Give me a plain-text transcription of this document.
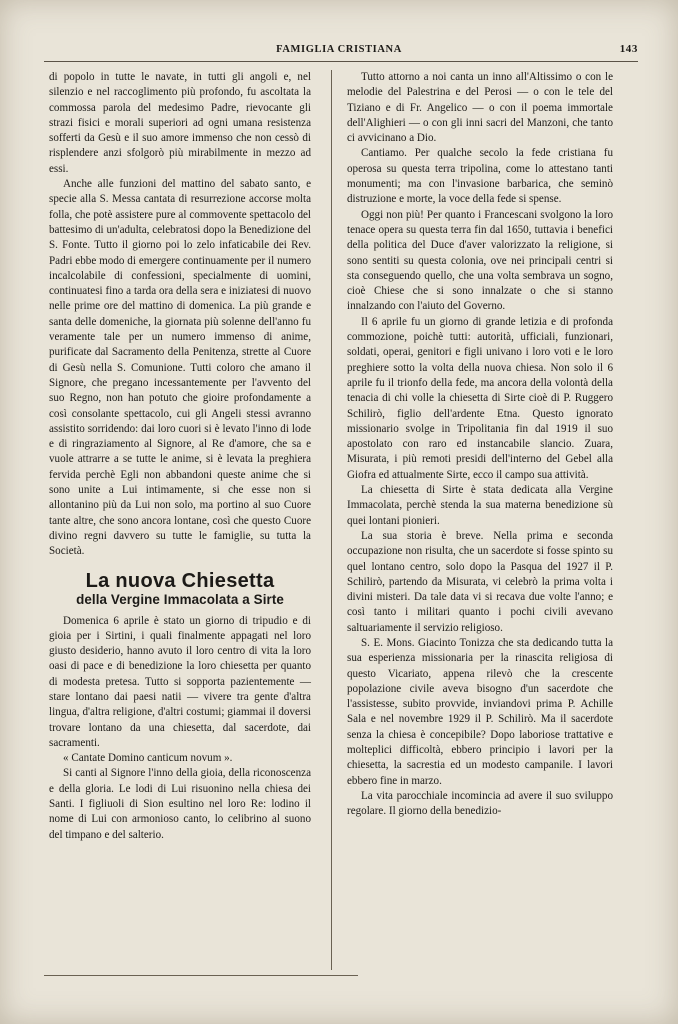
FAMIGLIA CRISTIANA	143

di popolo in tutte le navate, in tutti gli angoli e, nel silenzio e nel raccoglimento più profondo, fu ascoltata la commossa parola del medesimo Padre, rievocante gli strazi fisici e morali superiori ad ogni umana resistenza sofferti da Gesù e il suo amore immenso che non cessò di risplendere anzi sfolgorò più mirabilmente in mezzo ad essi.

Anche alle funzioni del mattino del sabato santo, e specie alla S. Messa cantata di resurrezione accorse molta folla, che potè assistere pure al commovente spettacolo del battesimo di un'adulta, celebratosi dopo la Benedizione del S. Fonte. Tutto il giorno poi lo zelo infaticabile dei Rev. Padri ebbe modo di emergere continuamente per il numero incalcolabile di confessioni, specialmente di uomini, continuatesi fino a tarda ora della sera e iniziatesi di nuovo nelle prime ore del mattino di domenica. La più grande e santa delle domeniche, la giornata più solenne dell'anno fu veramente tale per un numero immenso di anime, purificate dal Sacramento della Penitenza, strette al Cuore di Gesù nella S. Comunione. Tutti coloro che amano il Signore, che pregano incessantemente per l'avvento del suo Regno, non han potuto che gioire profondamente a così consolante spettacolo, cui gli Angeli stessi avranno assistito sorridendo: dai loro cuori si è levato l'inno di lode e di ringraziamento al Signore, al Re d'amore, che sa e vuole attrarre a se tutte le anime, si è levata la preghiera fervida perchè Egli non abbandoni queste anime che si sono unite a Lui intimamente, si che esse non si allontanino più da Lui non solo, ma portino al suo Cuore tante altre, che sono ancora lontane, così che questo Cuore divino regni davvero su tutte le famiglie, su tutta la Società.

La nuova Chiesetta
della Vergine Immacolata a Sirte

Domenica 6 aprile è stato un giorno di tripudio e di gioia per i Sirtini, i quali finalmente appagati nel loro giusto desiderio, hanno avuto il loro centro di vita la loro oasi di pace e di benedizione la loro chiesetta per quanto di modesta pretesa. Tutto si sopporta pazientemente — stare lontano dai paesi natii — vivere tra gente d'altra lingua, d'altra religione, d'altri costumi; giammai il doversi trovare lontano da una chiesetta, dal sacerdote, dai sacramenti.

« Cantate Domino canticum novum ».

Si canti al Signore l'inno della gioia, della riconoscenza e della gloria. Le lodi di Lui risuonino nella chiesa dei Santi. I figliuoli di Sion esultino nel loro Re: lodino il nome di Lui con armonioso canto, lo celibrino al suono del timpano e del salterio.

Tutto attorno a noi canta un inno all'Altissimo o con le melodie del Palestrina e del Perosi — o con le tele del Tiziano e di Fr. Angelico — o con il poema immortale dell'Alighieri — o con gli inni sacri del Manzoni, che tanto ci avvicinano a Dio.

Cantiamo. Per qualche secolo la fede cristiana fu operosa su questa terra tripolina, come lo attestano tanti monumenti; ma con l'invasione barbarica, che seminò distruzione e morte, la voce della fede si spense.

Oggi non più! Per quanto i Francescani svolgono la loro tenace opera su questa terra fin dal 1650, tuttavia i benefici della politica del Duce d'aver valorizzato la religione, si sono sentiti su questa colonia, ove nei principali centri si sta conseguendo quello, che una volta sembrava un sogno, cioè Chiese che si sono innalzate o che si stanno innalzando con l'aiuto del Governo.

Il 6 aprile fu un giorno di grande letizia e di profonda commozione, poichè tutti: autorità, ufficiali, funzionari, soldati, operai, genitori e figli univano i loro voti e le loro preghiere sotto la volta della nuova chiesa. Non solo il 6 aprile fu il trionfo della fede, ma ancora della volontà della tenacia di chi volle la chiesetta di Sirte cioè di P. Ruggero Schilirò, figlio dell'ardente Etna. Questo ignorato missionario svolge in Tripolitania fin dal 1919 il suo apostolato con raro ed instancabile slancio. Zuara, Misurata, i più remoti presidi dell'interno del Gebel alla Giofra ed attualmente Sirte, ecco il campo sua attività.

La chiesetta di Sirte è stata dedicata alla Vergine Immacolata, perchè stenda la sua materna benedizione sù quei lontani pionieri.

La sua storia è breve. Nella prima e seconda occupazione non risulta, che un sacerdote si fosse spinto su quel lontano centro, solo dopo la Pasqua del 1927 il P. Schilirò, partendo da Misurata, vi celebrò la prima volta i divini misteri. Da tale data vi si recava due volte l'anno; e così tanto i militari quanto i pochi civili avevano saltuariamente il servizio religioso.

S. E. Mons. Giacinto Tonizza che sta dedicando tutta la sua esperienza missionaria per la rinascita religiosa di questo Vicariato, appena rilevò che la crescente popolazione civile aveva bisogno d'un sacerdote che l'assistesse, subito provvide, inviandovi prima P. Achille Sala e nel novembre 1929 il P. Schilirò. Ma il sacerdote senza la chiesa è concepibile? Dopo laboriose trattative e molteplici difficoltà, ebbero principio i lavori per la chiesetta, la sacrestia ed un modesto campanile. I lavori ebbero fine in marzo.

La vita parocchiale incomincia ad avere il suo sviluppo regolare. Il giorno della benedizio-
